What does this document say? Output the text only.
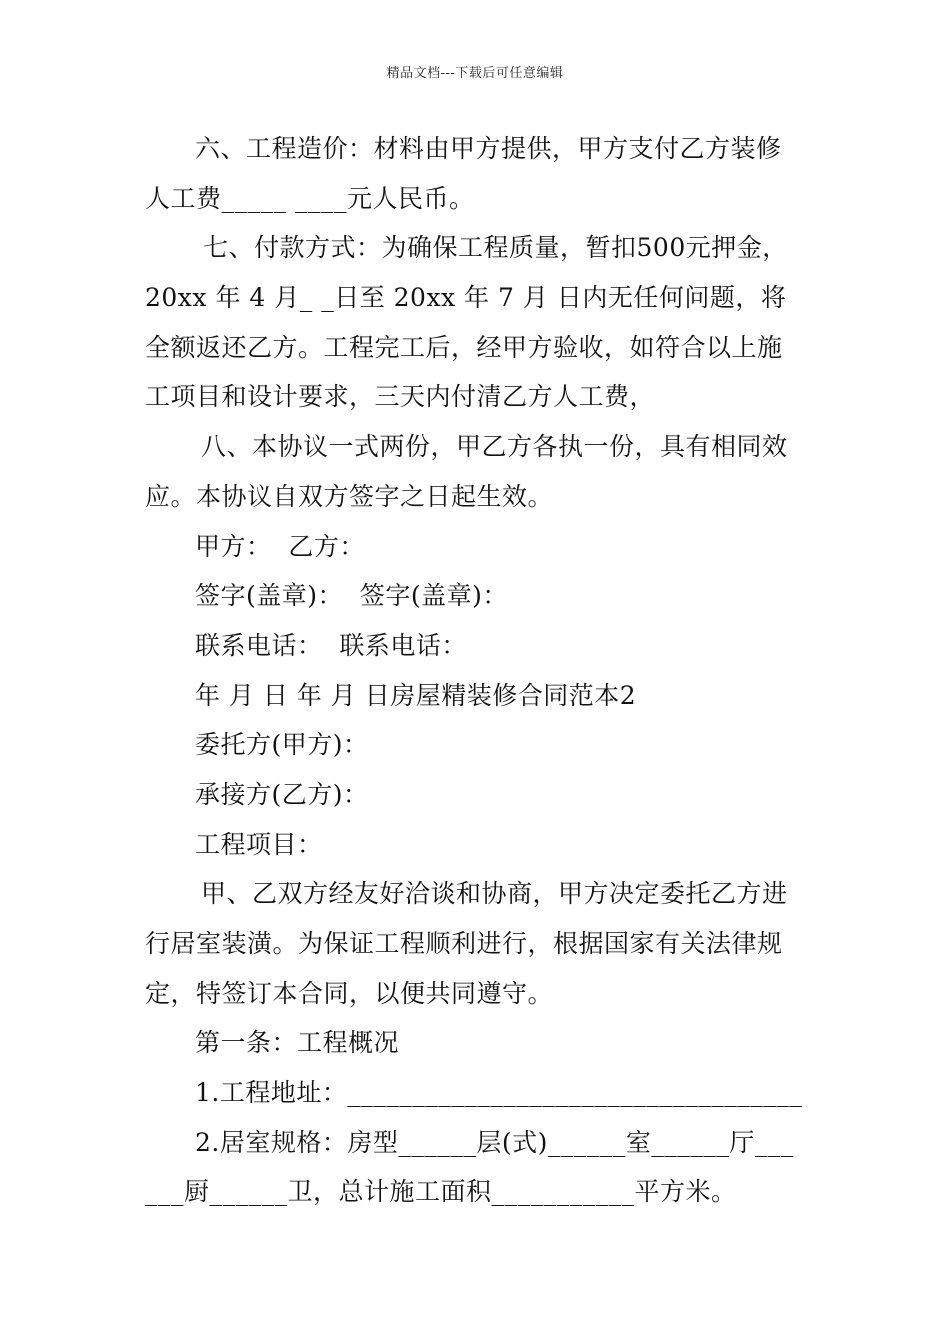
精品文档---下载后可任意编辑
六、工程造价：材料由甲方提供，甲方支付乙方装修
人工费_____ ____元人民币。
七、付款方式：为确保工程质量，暂扣500元押金，
20xx 年 4 月_ _日至 20xx 年 7 月 日内无任何问题，将
全额返还乙方。工程完工后，经甲方验收，如符合以上施
工项目和设计要求，三天内付清乙方人工费，
八、本协议一式两份，甲乙方各执一份，具有相同效
应。本协议自双方签字之日起生效。
甲方：  乙方：
签字(盖章)：  签字(盖章)：
联系电话：  联系电话：
年 月 日 年 月 日房屋精装修合同范本2
委托方(甲方)：
承接方(乙方)：
工程项目：
甲、乙双方经友好洽谈和协商，甲方决定委托乙方进
行居室装潢。为保证工程顺利进行，根据国家有关法律规
定，特签订本合同，以便共同遵守。
第一条：工程概况
1.工程地址：___________________________________
2.居室规格：房型______层(式)______室______厅___
___厨______卫，总计施工面积___________平方米。
